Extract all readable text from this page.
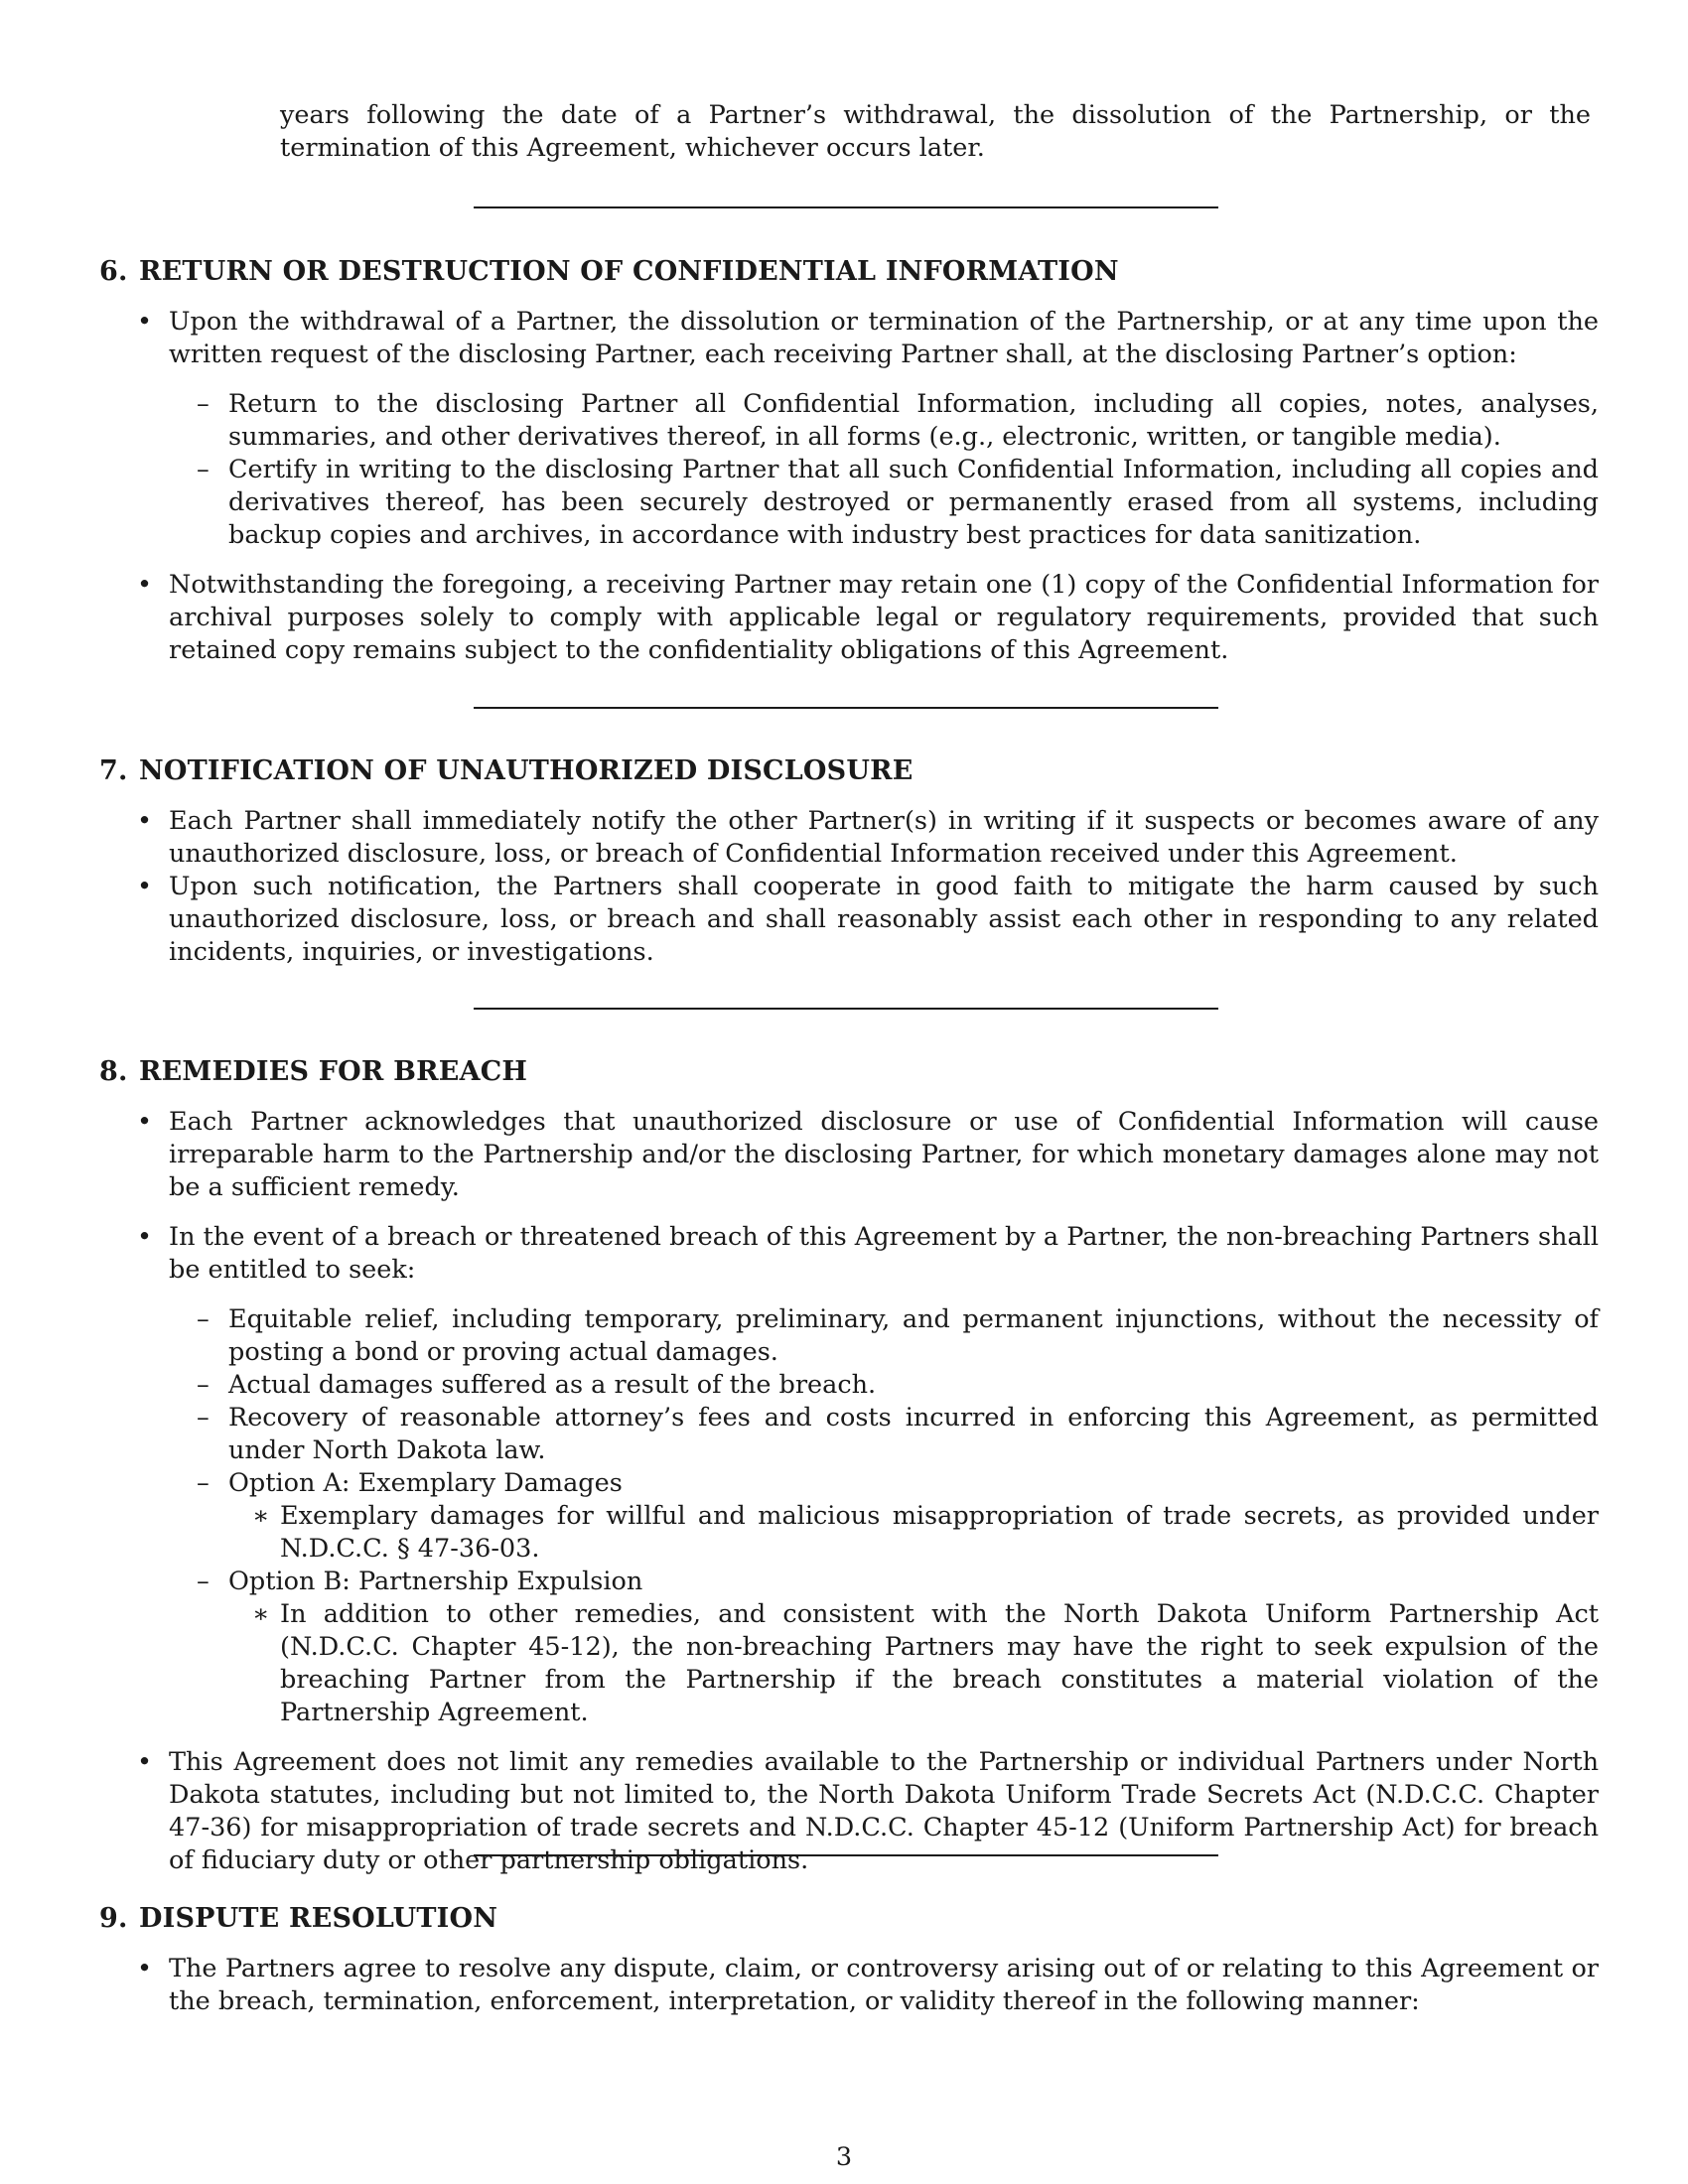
years following the date of a Partner’s withdrawal, the dissolution of the Partnership, or the termination of this Agreement, whichever occurs later.

6. RETURN OR DESTRUCTION OF CONFIDENTIAL INFORMATION
• Upon the withdrawal of a Partner, the dissolution or termination of the Partnership, or at any time upon the written request of the disclosing Partner, each receiving Partner shall, at the disclosing Partner’s option:
– Return to the disclosing Partner all Confidential Information, including all copies, notes, analyses, summaries, and other derivatives thereof, in all forms (e.g., electronic, written, or tangible media).
– Certify in writing to the disclosing Partner that all such Confidential Information, including all copies and derivatives thereof, has been securely destroyed or permanently erased from all systems, including backup copies and archives, in accordance with industry best practices for data sanitization.
• Notwithstanding the foregoing, a receiving Partner may retain one (1) copy of the Confidential Information for archival purposes solely to comply with applicable legal or regulatory requirements, provided that such retained copy remains subject to the confidentiality obligations of this Agreement.
7. NOTIFICATION OF UNAUTHORIZED DISCLOSURE
• Each Partner shall immediately notify the other Partner(s) in writing if it suspects or becomes aware of any unauthorized disclosure, loss, or breach of Confidential Information received under this Agreement.
• Upon such notification, the Partners shall cooperate in good faith to mitigate the harm caused by such unauthorized disclosure, loss, or breach and shall reasonably assist each other in responding to any related incidents, inquiries, or investigations.
8. REMEDIES FOR BREACH
• Each Partner acknowledges that unauthorized disclosure or use of Confidential Information will cause irreparable harm to the Partnership and/or the disclosing Partner, for which monetary damages alone may not be a sufficient remedy.
• In the event of a breach or threatened breach of this Agreement by a Partner, the non-breaching Partners shall be entitled to seek:
– Equitable relief, including temporary, preliminary, and permanent injunctions, without the necessity of posting a bond or proving actual damages.
– Actual damages suffered as a result of the breach.
– Recovery of reasonable attorney’s fees and costs incurred in enforcing this Agreement, as permitted under North Dakota law.
– Option A: Exemplary Damages
∗ Exemplary damages for willful and malicious misappropriation of trade secrets, as provided under N.D.C.C. § 47-36-03.
– Option B: Partnership Expulsion
∗ In addition to other remedies, and consistent with the North Dakota Uniform Partnership Act (N.D.C.C. Chapter 45-12), the non-breaching Partners may have the right to seek expulsion of the breaching Partner from the Partnership if the breach constitutes a material violation of the Partnership Agreement.
• This Agreement does not limit any remedies available to the Partnership or individual Partners under North Dakota statutes, including but not limited to, the North Dakota Uniform Trade Secrets Act (N.D.C.C. Chapter 47-36) for misappropriation of trade secrets and N.D.C.C. Chapter 45-12 (Uniform Partnership Act) for breach of fiduciary duty or other partnership obligations.
9. DISPUTE RESOLUTION
• The Partners agree to resolve any dispute, claim, or controversy arising out of or relating to this Agreement or the breach, termination, enforcement, interpretation, or validity thereof in the following manner:
3
